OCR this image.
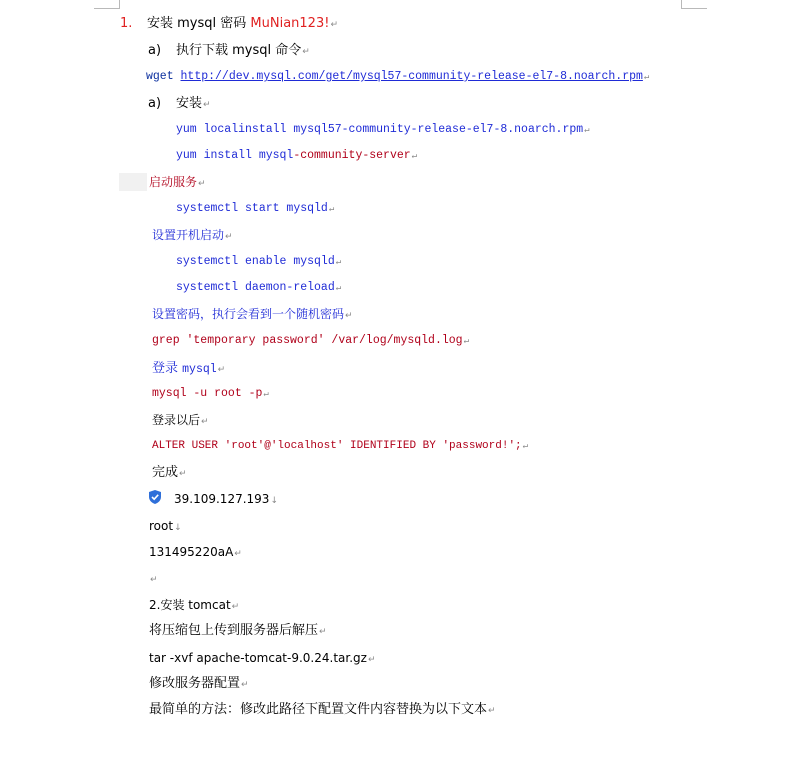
1. 安装 mysql 密码 MuNian123!↵
a) 执行下载 mysql 命令↵
wget http://dev.mysql.com/get/mysql57-community-release-el7-8.noarch.rpm↵
a) 安装↵
yum localinstall mysql57-community-release-el7-8.noarch.rpm↵
yum install mysql-community-server↵
启动服务↵
systemctl start mysqld↵
设置开机启动↵
systemctl enable mysqld↵
systemctl daemon-reload↵
设置密码，执行会看到一个随机密码↵
grep 'temporary password' /var/log/mysqld.log↵
登录 mysql↵
mysql -u root -p↵
登录以后↵
ALTER USER 'root'@'localhost' IDENTIFIED BY 'password!';↵
完成↵
39.109.127.193↓
root↓
131495220aA↵
↵
2.安装 tomcat↵
将压缩包上传到服务器后解压↵
tar -xvf apache-tomcat-9.0.24.tar.gz↵
修改服务器配置↵
最简单的方法：修改此路径下配置文件内容替换为以下文本↵
